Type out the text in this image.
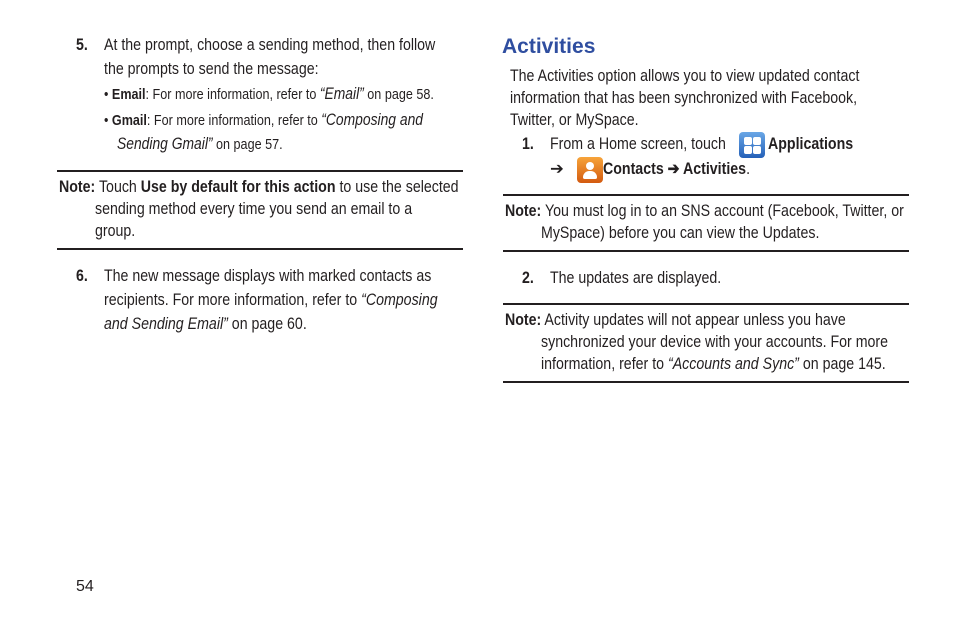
5. At the prompt, choose a sending method, then follow
the prompts to send the message:
• Email: For more information, refer to “Email” on page 58.
• Gmail: For more information, refer to “Composing and
Sending Gmail” on page 57.
Note: Touch Use by default for this action to use the selected
sending method every time you send an email to a
group.
6. The new message displays with marked contacts as
recipients. For more information, refer to “Composing
and Sending Email” on page 60.
Activities
The Activities option allows you to view updated contact
information that has been synchronized with Facebook,
Twitter, or MySpace.
1. From a Home screen, touch	Applications
➔ Contacts ➔ Activities.
Note: You must log in to an SNS account (Facebook, Twitter, or
MySpace) before you can view the Updates.
2. The updates are displayed.
Note: Activity updates will not appear unless you have
synchronized your device with your accounts. For more
information, refer to “Accounts and Sync” on page 145.
54
